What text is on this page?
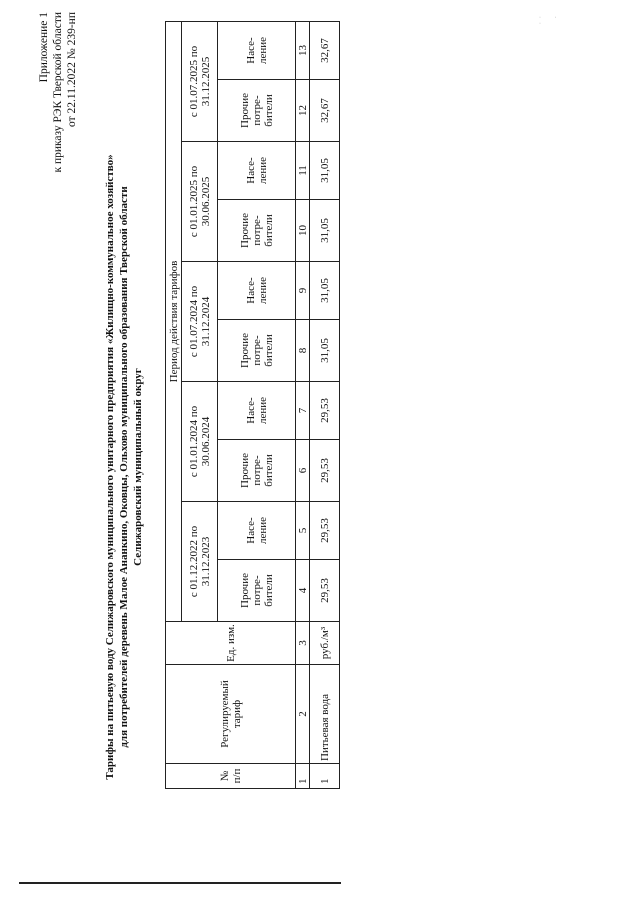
· · ·
Приложение 1 к приказу РЭК Тверской области от 22.11.2022 № 239-нп
Тарифы на питьевую воду Селижаровского муниципального унитарного предприятия «Жилищно-коммунальное хозяйство» для потребителей деревень Малое Ананкино, Оковцы, Ольхово муниципального образования Тверской области Селижаровский муниципальный округ
№ п/п	Регулируемый тариф	Ед. изм.	Период действия тарифов									
			с 01.12.2022 по 31.12.2023		с 01.01.2024 по 30.06.2024		с 01.07.2024 по 31.12.2024		с 01.01.2025 по 30.06.2025		с 01.07.2025 по 31.12.2025	
			Прочие потре-бители	Насе-ление	Прочие потре-бители	Насе-ление	Прочие потре-бители	Насе-ление	Прочие потре-бители	Насе-ление	Прочие потре-бители	Насе-ление
1	2	3	4	5	6	7	8	9	10	11	12	13
1	Питьевая вода	руб./м³	29,53	29,53	29,53	29,53	31,05	31,05	31,05	31,05	32,67	32,67
